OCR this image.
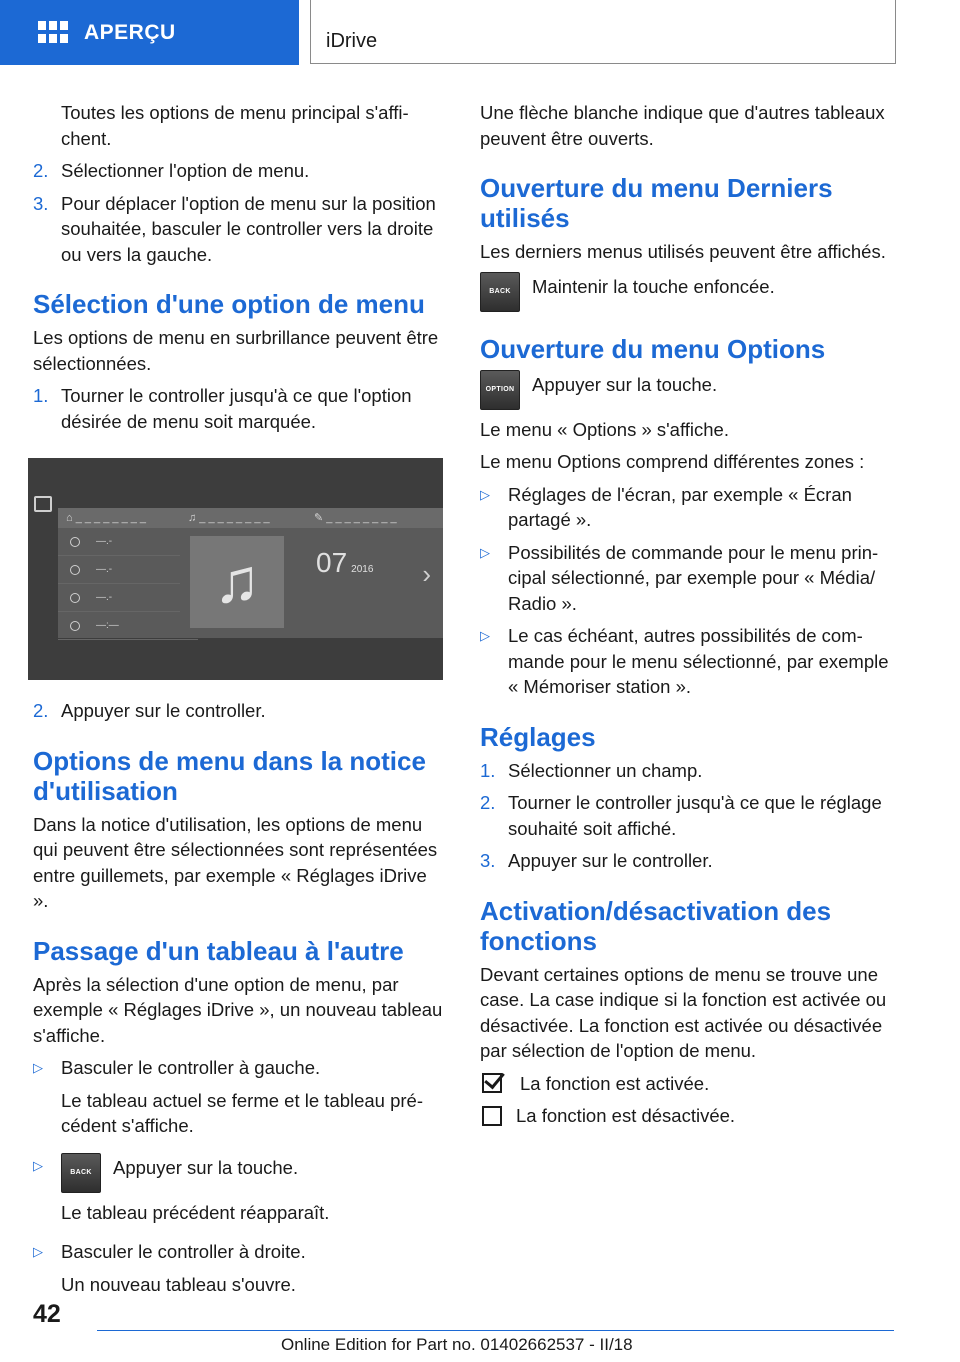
APERÇU	iDrive

Toutes les options de menu principal s'affichent.

2. Sélectionner l'option de menu.
3. Pour déplacer l'option de menu sur la position souhaitée, basculer le controller vers la droite ou vers la gauche.
Sélection d'une option de menu

Les options de menu en surbrillance peuvent être sélectionnées.

1. Tourner le controller jusqu'à ce que l'option désirée de menu soit marquée.
⌂ _ _ _ _ _ _ _ _
—.-
—.-
—.-
—:—
♫ _ _ _ _ _ _ _ _
♫
✎ _ _ _ _ _ _ _ _
07 2016 ›
2. Appuyer sur le controller.
Options de menu dans la notice d'utilisation

Dans la notice d'utilisation, les options de menu qui peuvent être sélectionnées sont représentées entre guillemets, par exemple « Réglages iDrive ».

Passage d'un tableau à l'autre

Après la sélection d'une option de menu, par exemple « Réglages iDrive », un nouveau tableau s'affiche.

▷ Basculer le controller à gauche.

Le tableau actuel se ferme et le tableau précédent s'affiche.

▷	BACK	Appuyer sur la touche.

Le tableau précédent réapparaît.

▷ Basculer le controller à droite.

Un nouveau tableau s'ouvre.

Une flèche blanche indique que d'autres tableaux peuvent être ouverts.

Ouverture du menu Derniers utilisés

Les derniers menus utilisés peuvent être affichés.

BACK	Maintenir la touche enfoncée.
Ouverture du menu Options
OPTION Appuyer sur la touche.

Le menu « Options » s'affiche.

Le menu Options comprend différentes zones :

▷ Réglages de l'écran, par exemple « Écran partagé ».
▷ Possibilités de commande pour le menu principal sélectionné, par exemple pour « Média/ Radio ».
▷ Le cas échéant, autres possibilités de commande pour le menu sélectionné, par exemple « Mémoriser station ».
Réglages
1. Sélectionner un champ.
2. Tourner le controller jusqu'à ce que le réglage souhaité soit affiché.
3. Appuyer sur le controller.
Activation/désactivation des fonctions

Devant certaines options de menu se trouve une case. La case indique si la fonction est activée ou désactivée. La fonction est activée ou désactivée par sélection de l'option de menu.

La fonction est activée.
La fonction est désactivée.
42
Online Edition for Part no. 01402662537 - II/18
